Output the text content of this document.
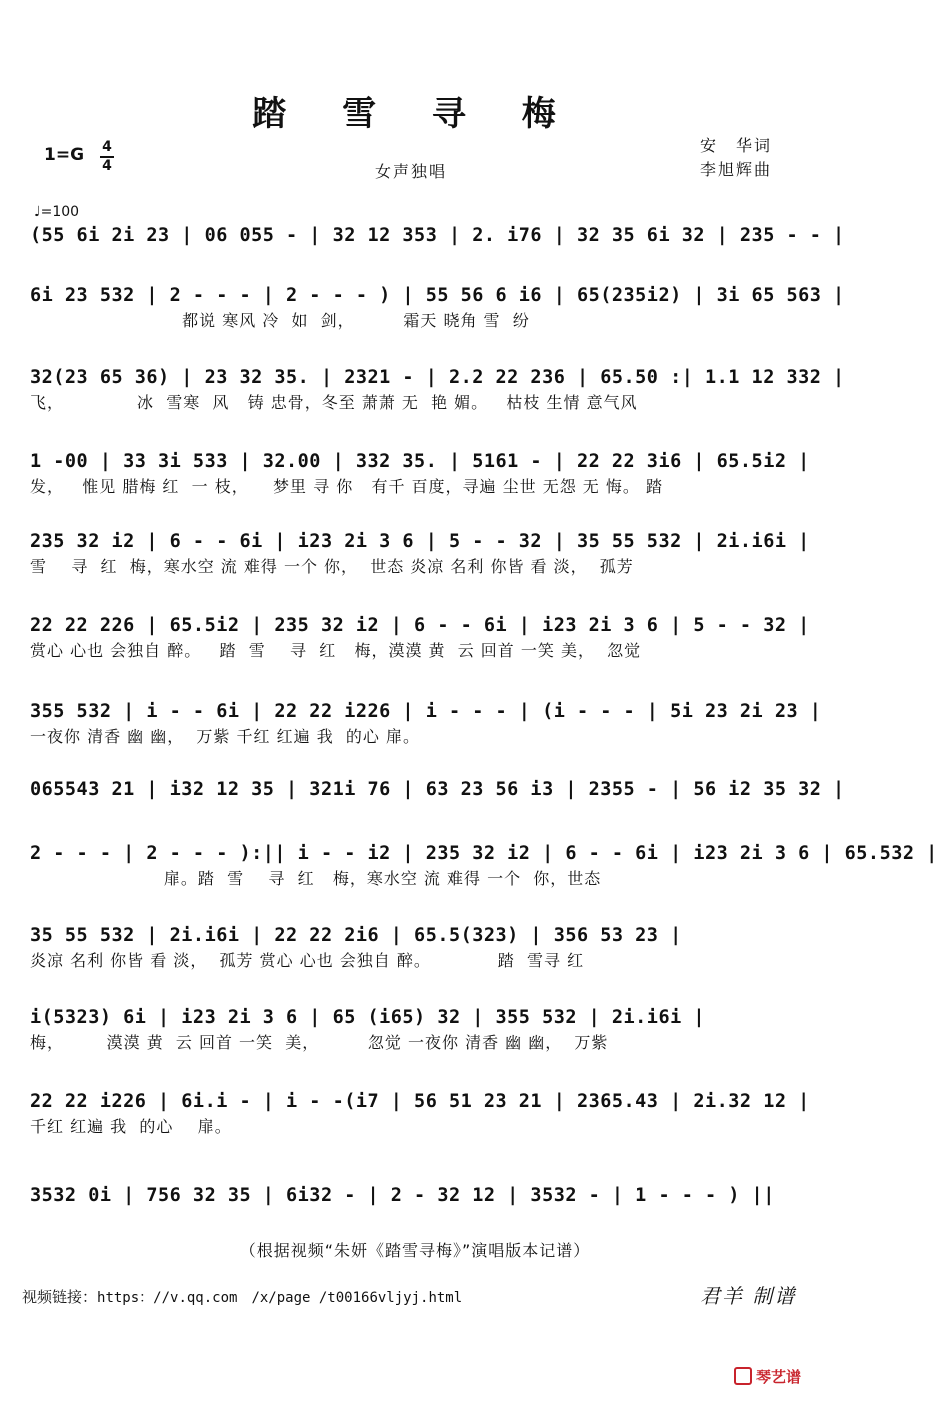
踏 雪 寻 梅
1=G 4
4
安　华词
李旭辉曲
女声独唱
♩=100
(55 6i 2i 23 | 06 055 - | 32 12 353 | 2. i76 | 32 35 6i 32 | 235 - - |
6i 23 532 | 2 - - - | 2 - - - ) | 55 56 6 i6 | 65(235i2) | 3i 65 563 |
都说 寒风 冷  如  剑，        霜天 晓角 雪  纷
32(23 65 36) | 23 32 35. | 2321 - | 2.2 22 236 | 65.50 :| 1.1 12 332 |
飞，            冰  雪寒  风   铸 忠骨，冬至 萧萧 无  艳 媚。   枯枝 生情 意气风
1 -00 | 33 3i 533 | 32.00 | 332 35. | 5161 - | 22 22 3i6 | 65.5i2 |
发，   惟见 腊梅 红  一 枝，    梦里 寻 你   有千 百度，寻遍 尘世 无怨 无 悔。 踏
235 32 i2 | 6 - - 6i | i23 2i 3 6 | 5 - - 32 | 35 55 532 | 2i.i6i |
雪    寻  红  梅，寒水空 流 难得 一个 你，  世态 炎凉 名利 你皆 看 淡，  孤芳
22 22 226 | 65.5i2 | 235 32 i2 | 6 - - 6i | i23 2i 3 6 | 5 - - 32 |
赏心 心也 会独自 醉。   踏  雪    寻  红   梅，漠漠 黄  云 回首 一笑 美，  忽觉
355 532 | i - - 6i | 22 22 i226 | i - - - | (i - - - | 5i 23 2i 23 |
一夜你 清香 幽 幽，  万紫 千红 红遍 我  的心 扉。
065543 21 | i32 12 35 | 321i 76 | 63 23 56 i3 | 2355 - | 56 i2 35 32 |
2 - - - | 2 - - - ):|| i - - i2 | 235 32 i2 | 6 - - 6i | i23 2i 3 6 | 65.532 |
扉。踏  雪    寻  红   梅，寒水空 流 难得 一个  你，世态
35 55 532 | 2i.i6i | 22 22 2i6 | 65.5(323) | 356 53 23 |
炎凉 名利 你皆 看 淡，  孤芳 赏心 心也 会独自 醉。           踏  雪寻 红
i(5323) 6i | i23 2i 3 6 | 65 (i65) 32 | 355 532 | 2i.i6i |
梅，       漠漠 黄  云 回首 一笑  美，        忽觉 一夜你 清香 幽 幽，  万紫
22 22 i226 | 6i.i - | i - -(i7 | 56 51 23 21 | 2365.43 | 2i.32 12 |
千红 红遍 我  的心    扉。
3532 0i | 756 32 35 | 6i32 - | 2 - 32 12 | 3532 - | 1 - - - ) ||
（根据视频“朱妍《踏雪寻梅》”演唱版本记谱）
视频链接：https：//v.qq.com　/x/page /t00166vljyj.html	君羊 制谱
琴艺谱
